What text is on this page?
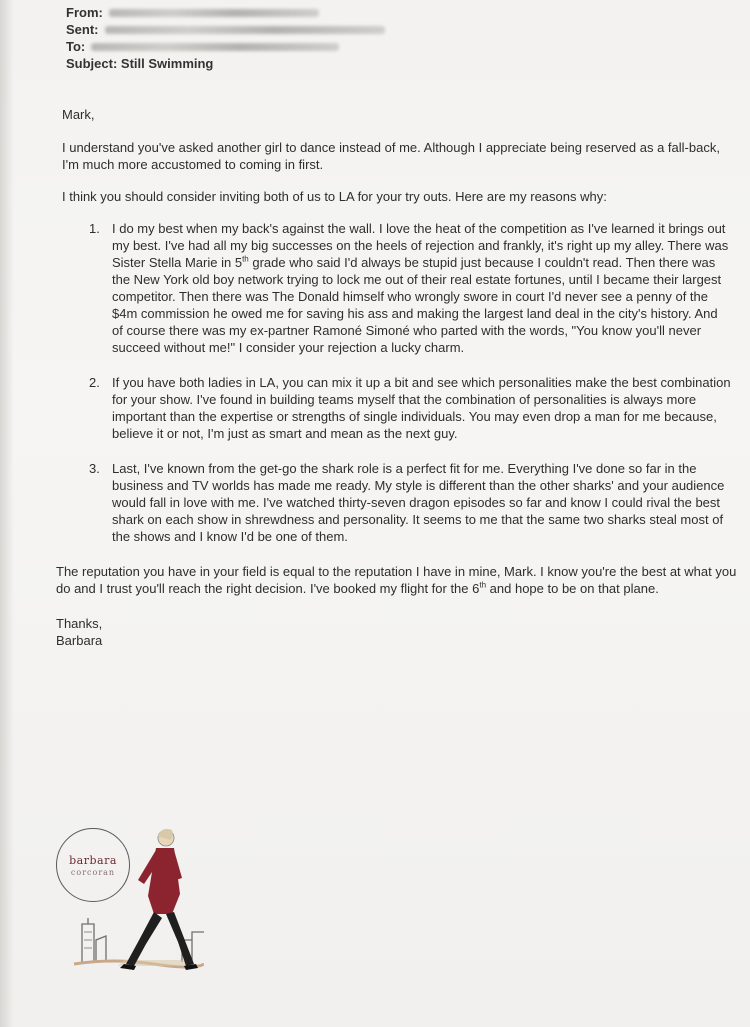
From:
Sent:
To:
Subject:
Still Swimming

Mark,

I understand you've asked another girl to dance instead of me. Although I appreciate being reserved as a fall-back, I'm much more accustomed to coming in first.

I think you should consider inviting both of us to LA for your try outs. Here are my reasons why:

1. I do my best when my back's against the wall. I love the heat of the competition as I've learned it brings out my best. I've had all my big successes on the heels of rejection and frankly, it's right up my alley. There was Sister Stella Marie in 5th grade who said I'd always be stupid just because I couldn't read. Then there was the New York old boy network trying to lock me out of their real estate fortunes, until I became their largest competitor. Then there was The Donald himself who wrongly swore in court I'd never see a penny of the $4m commission he owed me for saving his ass and making the largest land deal in the city's history. And of course there was my ex-partner Ramoné Simoné who parted with the words, "You know you'll never succeed without me!" I consider your rejection a lucky charm.
2. If you have both ladies in LA, you can mix it up a bit and see which personalities make the best combination for your show. I've found in building teams myself that the combination of personalities is always more important than the expertise or strengths of single individuals. You may even drop a man for me because, believe it or not, I'm just as smart and mean as the next guy.
3. Last, I've known from the get-go the shark role is a perfect fit for me. Everything I've done so far in the business and TV worlds has made me ready. My style is different than the other sharks' and your audience would fall in love with me. I've watched thirty-seven dragon episodes so far and know I could rival the best shark on each show in shrewdness and personality. It seems to me that the same two sharks steal most of the shows and I know I'd be one of them.

The reputation you have in your field is equal to the reputation I have in mine, Mark. I know you're the best at what you do and I trust you'll reach the right decision. I've booked my flight for the 6th and hope to be on that plane.

Thanks,
Barbara
barbara
corcoran
